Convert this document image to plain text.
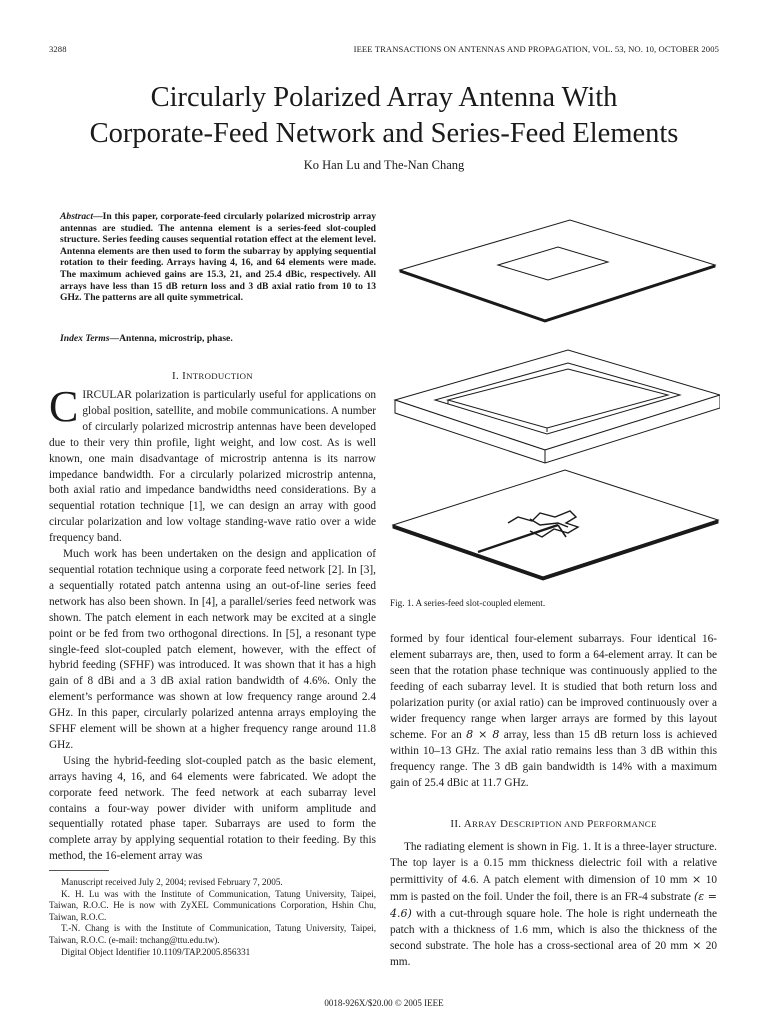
3288	IEEE TRANSACTIONS ON ANTENNAS AND PROPAGATION, VOL. 53, NO. 10, OCTOBER 2005
Circularly Polarized Array Antenna With
Corporate-Feed Network and Series-Feed Elements
Ko Han Lu and The-Nan Chang
Abstract—In this paper, corporate-feed circularly polarized microstrip array antennas are studied. The antenna element is a series-feed slot-coupled structure. Series feeding causes sequential rotation effect at the element level. Antenna elements are then used to form the subarray by applying sequential rotation to their feeding. Arrays having 4, 16, and 64 elements were made. The maximum achieved gains are 15.3, 21, and 25.4 dBic, respectively. All arrays have less than 15 dB return loss and 3 dB axial ratio from 10 to 13 GHz. The patterns are all quite symmetrical.
Index Terms—Antenna, microstrip, phase.
I. INTRODUCTION

CIRCULAR polarization is particularly useful for applications on global position, satellite, and mobile communications. A number of circularly polarized microstrip antennas have been developed due to their very thin profile, light weight, and low cost. As is well known, one main disadvantage of microstrip antenna is its narrow impedance bandwidth. For a circularly polarized microstrip antenna, both axial ratio and impedance bandwidths need considerations. By a sequential rotation technique [1], we can design an array with good circular polarization and low voltage standing-wave ratio over a wide frequency band.

Much work has been undertaken on the design and application of sequential rotation technique using a corporate feed network [2]. In [3], a sequentially rotated patch antenna using an out-of-line series feed network has also been shown. In [4], a parallel/series feed network was shown. The patch element in each network may be excited at a single point or be fed from two orthogonal directions. In [5], a resonant type single-feed slot-coupled patch element, however, with the effect of hybrid feeding (SFHF) was introduced. It was shown that it has a high gain of 8 dBi and a 3 dB axial ration bandwidth of 4.6%. Only the element’s performance was shown at low frequency range around 2.4 GHz. In this paper, circularly polarized antenna arrays employing the SFHF element will be shown at a higher frequency range around 11.8 GHz.

Using the hybrid-feeding slot-coupled patch as the basic element, arrays having 4, 16, and 64 elements were fabricated. We adopt the corporate feed network. The feed network at each subarray level contains a four-way power divider with uniform amplitude and sequentially rotated phase taper. Subarrays are used to form the complete array by applying sequential rotation to their feeding. By this method, the 16-element array was

Manuscript received July 2, 2004; revised February 7, 2005.

K. H. Lu was with the Institute of Communication, Tatung University, Taipei, Taiwan, R.O.C. He is now with ZyXEL Communications Corporation, Hshin Chu, Taiwan, R.O.C.

T.-N. Chang is with the Institute of Communication, Tatung University, Taipei, Taiwan, R.O.C. (e-mail: tnchang@ttu.edu.tw).

Digital Object Identifier 10.1109/TAP.2005.856331

Fig. 1. A series-feed slot-coupled element.

formed by four identical four-element subarrays. Four identical 16-element subarrays are, then, used to form a 64-element array. It can be seen that the rotation phase technique was continuously applied to the feeding of each subarray level. It is studied that both return loss and polarization purity (or axial ratio) can be improved continuously over a wider frequency range when larger arrays are formed by this layout scheme. For an 8 × 8 array, less than 15 dB return loss is achieved within 10–13 GHz. The axial ratio remains less than 3 dB within this frequency range. The 3 dB gain bandwidth is 14% with a maximum gain of 25.4 dBic at 11.7 GHz.

II. ARRAY DESCRIPTION AND PERFORMANCE

The radiating element is shown in Fig. 1. It is a three-layer structure. The top layer is a 0.15 mm thickness dielectric foil with a relative permittivity of 4.6. A patch element with dimension of 10 mm × 10 mm is pasted on the foil. Under the foil, there is an FR-4 substrate (ε = 4.6) with a cut-through square hole. The hole is right underneath the patch with a thickness of 1.6 mm, which is also the thickness of the second substrate. The hole has a cross-sectional area of 20 mm × 20 mm.

0018-926X/$20.00 © 2005 IEEE
